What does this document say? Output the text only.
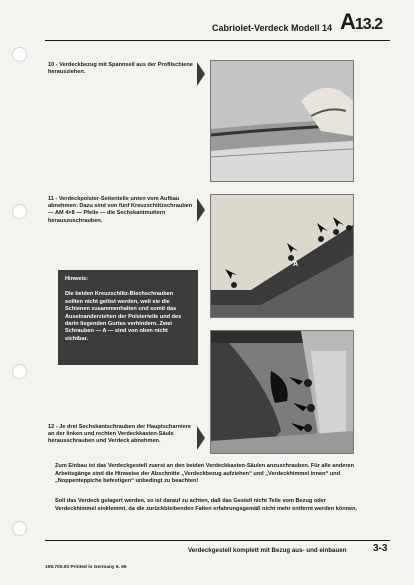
Cabriolet-Verdeck Modell 14 A13.2
10 - Verdeckbezug mit Spannseil aus der Profilschiene herausziehen.
11 - Verdeckpolster-Seitenteile unten vom Aufbau abnehmen: Dazu sind von fünf Kreuzschlitzschrauben — AM 4×8 — Pfeile — die Sechskantmuttern herauszuschrauben.
A
Hinweis:
Die beiden Kreuzschlitz-Blechschrauben sollten nicht gelöst werden, weil sie die Schienen zusammenhalten und somit das Auseinanderziehen der Polsterteile und des darin liegenden Gurtes verhindern. Zwei Schrauben — A — sind von oben nicht sichtbar.
12 - Je drei Sechskantschrauben der Hauptscharniere an der linken und rechten Verdeckkasten-Säule herausschrauben und Verdeck abnehmen.
Zum Einbau ist das Verdeckgestell zuerst an den beiden Verdeckkasten-Säulen anzuschrauben. Für alle anderen Arbeitsgänge sind die Hinweise der Abschnitte „Verdeckbezug aufziehen“ und „Verdeckhimmel innen“ und „Noppenteppiche befestigen“ unbedingt zu beachten!
Soll das Verdeck gelagert werden, so ist darauf zu achten, daß das Gestell nicht Teile vom Bezug oder Verdeckhimmel einklemmt, da die zurückbleibenden Falten erfahrungsgemäß nicht mehr entfernt werden können.
Verdeckgestell komplett mit Bezug aus- und einbauen	3-3
109.700.00 Printed in Germany 6. 69
